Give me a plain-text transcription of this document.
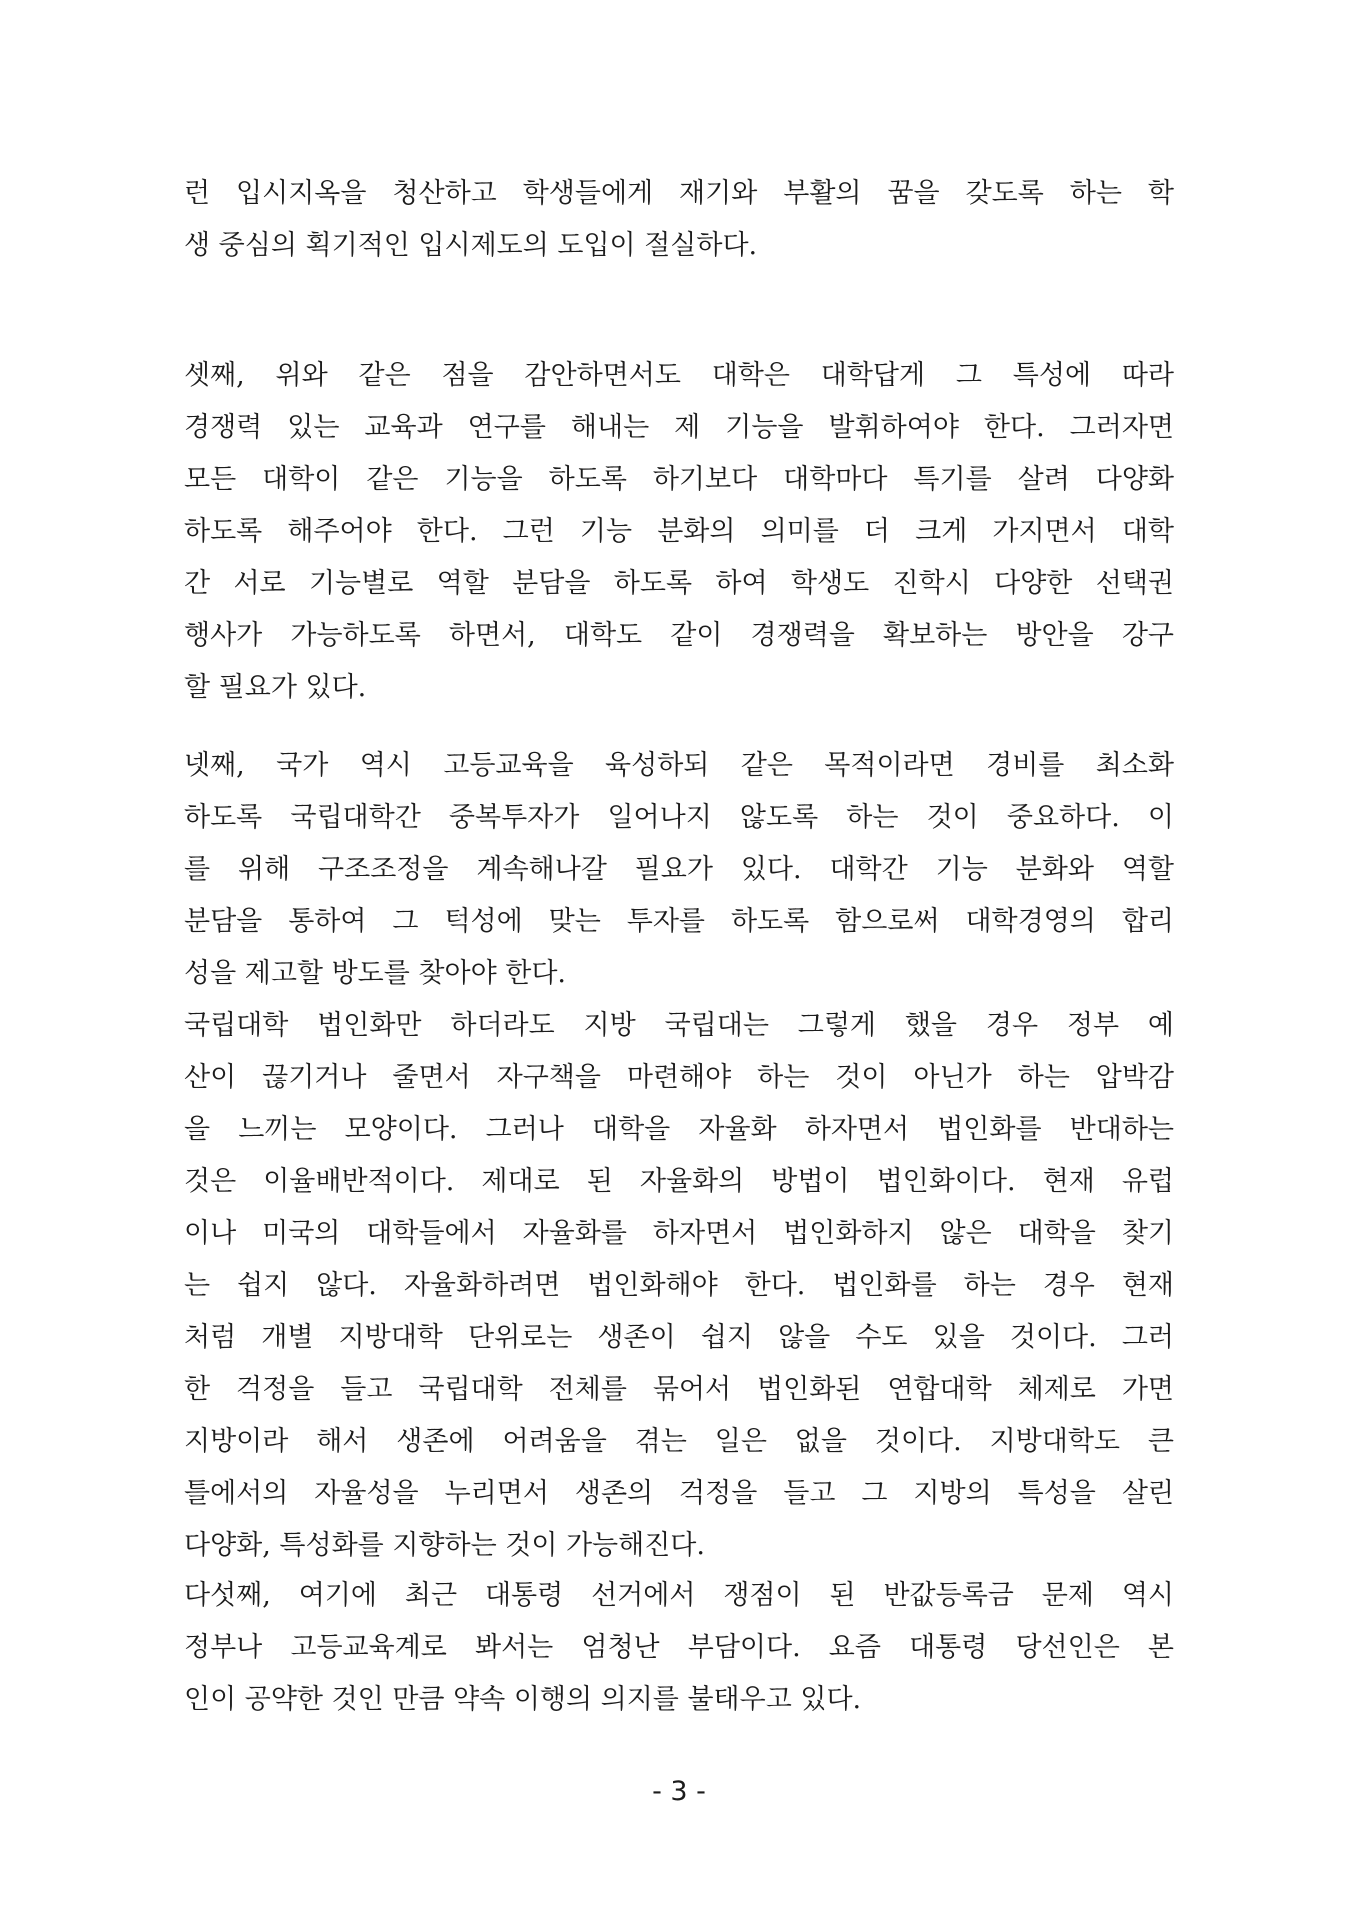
런 입시지옥을 청산하고 학생들에게 재기와 부활의 꿈을 갖도록 하는 학
생 중심의 획기적인 입시제도의 도입이 절실하다.
셋째, 위와 같은 점을 감안하면서도 대학은 대학답게 그 특성에 따라
경쟁력 있는 교육과 연구를 해내는 제 기능을 발휘하여야 한다. 그러자면
모든 대학이 같은 기능을 하도록 하기보다 대학마다 특기를 살려 다양화
하도록 해주어야 한다. 그런 기능 분화의 의미를 더 크게 가지면서 대학
간 서로 기능별로 역할 분담을 하도록 하여 학생도 진학시 다양한 선택권
행사가 가능하도록 하면서, 대학도 같이 경쟁력을 확보하는 방안을 강구
할 필요가 있다.
넷째, 국가 역시 고등교육을 육성하되 같은 목적이라면 경비를 최소화
하도록 국립대학간 중복투자가 일어나지 않도록 하는 것이 중요하다. 이
를 위해 구조조정을 계속해나갈 필요가 있다. 대학간 기능 분화와 역할
분담을 통하여 그 턱성에 맞는 투자를 하도록 함으로써 대학경영의 합리
성을 제고할 방도를 찾아야 한다.
국립대학 법인화만 하더라도 지방 국립대는 그렇게 했을 경우 정부 예
산이 끊기거나 줄면서 자구책을 마련해야 하는 것이 아닌가 하는 압박감
을 느끼는 모양이다. 그러나 대학을 자율화 하자면서 법인화를 반대하는
것은 이율배반적이다. 제대로 된 자율화의 방법이 법인화이다. 현재 유럽
이나 미국의 대학들에서 자율화를 하자면서 법인화하지 않은 대학을 찾기
는 쉽지 않다. 자율화하려면 법인화해야 한다. 법인화를 하는 경우 현재
처럼 개별 지방대학 단위로는 생존이 쉽지 않을 수도 있을 것이다. 그러
한 걱정을 들고 국립대학 전체를 묶어서 법인화된 연합대학 체제로 가면
지방이라 해서 생존에 어려움을 겪는 일은 없을 것이다. 지방대학도 큰
틀에서의 자율성을 누리면서 생존의 걱정을 들고 그 지방의 특성을 살린
다양화, 특성화를 지향하는 것이 가능해진다.
다섯째, 여기에 최근 대통령 선거에서 쟁점이 된 반값등록금 문제 역시
정부나 고등교육계로 봐서는 엄청난 부담이다. 요즘 대통령 당선인은 본
인이 공약한 것인 만큼 약속 이행의 의지를 불태우고 있다.
- 3 -
